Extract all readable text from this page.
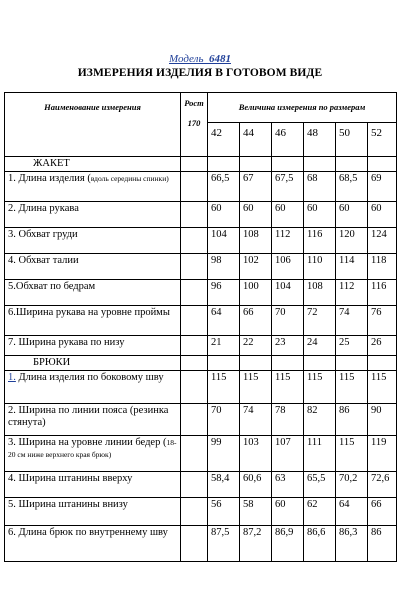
Модель 6481
ИЗМЕРЕНИЯ ИЗДЕЛИЯ В ГОТОВОМ ВИДЕ
Наименование измерения	Рост
170	Величина измерения по размерам					
		42	44	46	48	50	52
ЖАКЕТ							
1. Длина изделия (вдоль середины спинки)		66,5	67	67,5	68	68,5	69
2. Длина рукава		60	60	60	60	60	60
3. Обхват груди		104	108	112	116	120	124
4. Обхват талии		98	102	106	110	114	118
5.Обхват по бедрам		96	100	104	108	112	116
6.Ширина рукава на уровне проймы		64	66	70	72	74	76
7. Ширина рукава по низу		21	22	23	24	25	26
БРЮКИ							
1. Длина изделия по боковому шву		115	115	115	115	115	115
2. Ширина по линии пояса (резинка стянута)		70	74	78	82	86	90
3. Ширина на уровне линии бедер (18-20 см ниже верхнего края брюк)		99	103	107	111	115	119
4. Ширина штанины вверху		58,4	60,6	63	65,5	70,2	72,6
5. Ширина штанины внизу		56	58	60	62	64	66
6. Длина брюк по внутреннему шву		87,5	87,2	86,9	86,6	86,3	86
